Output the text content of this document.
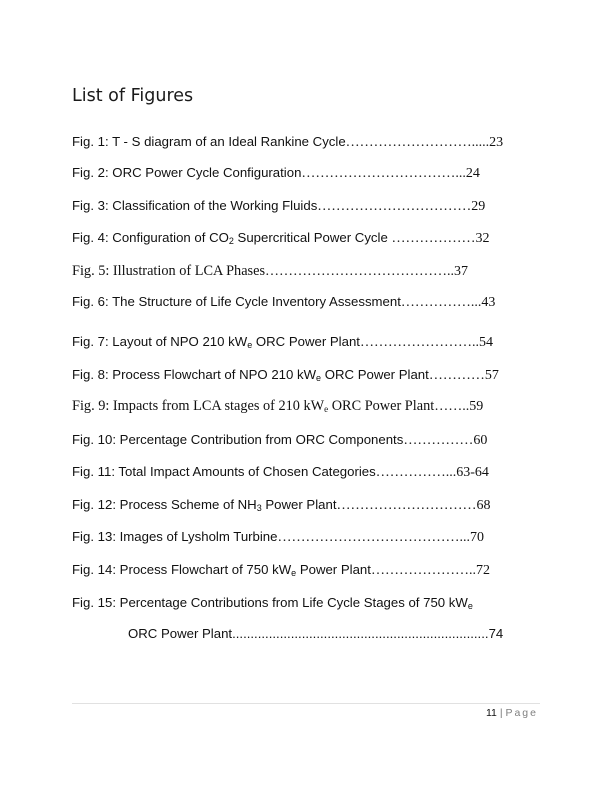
List of Figures
Fig. 1: T - S diagram of an Ideal Rankine Cycle……………………….....23
Fig. 2: ORC Power Cycle Configuration……………………………...24
Fig. 3: Classification of the Working Fluids……………………………29
Fig. 4: Configuration of $CO_2$ Supercritical Power Cycle ………………32
Fig. 5: Illustration of LCA Phases…………………………………..37
Fig. 6: The Structure of Life Cycle Inventory Assessment……………...43
Fig. 7: Layout of NPO 210 $kW_e$ ORC Power Plant……………………..54
Fig. 8: Process Flowchart of NPO 210 $kW_e$ ORC Power Plant…………57
Fig. 9: Impacts from LCA stages of 210 $kW_e$ ORC Power Plant……..59
Fig. 10: Percentage Contribution from ORC Components……………60
Fig. 11: Total Impact Amounts of Chosen Categories……………...63-64
Fig. 12: Process Scheme of $NH_3$ Power Plant…………………………68
Fig. 13: Images of Lysholm Turbine…………………………………...70
Fig. 14: Process Flowchart of 750 $kW_e$ Power Plant…………………..72
Fig. 15: Percentage Contributions from Life Cycle Stages of 750 $kW_e$
ORC Power Plant......................................................................74
11 | Page
